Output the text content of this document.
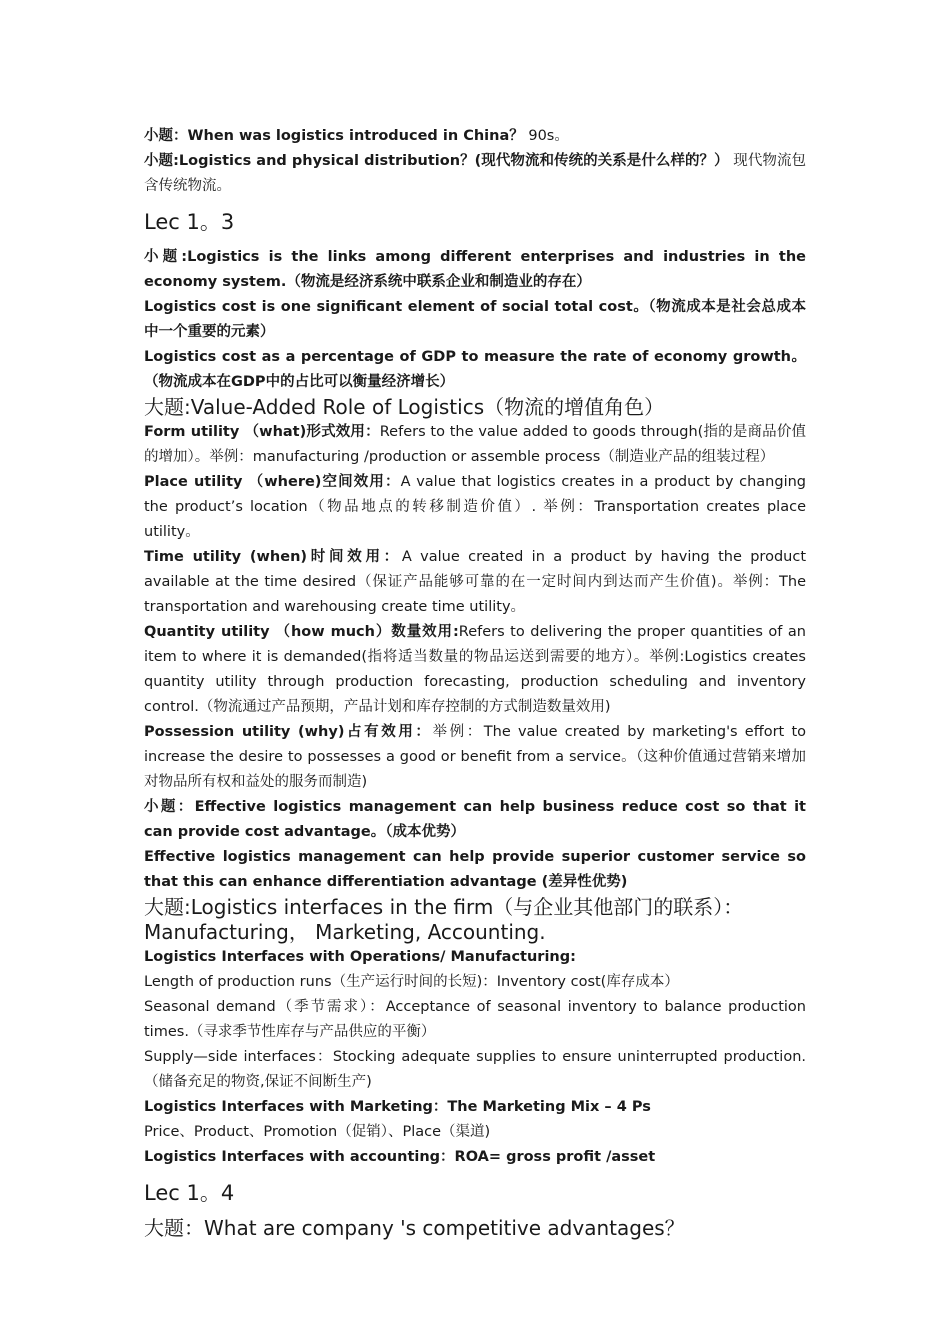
小题：When was logistics introduced in China？ 90s。

小题:Logistics and physical distribution？(现代物流和传统的关系是什么样的？） 现代物流包含传统物流。

Lec 1。3

小题:Logistics is the links among different enterprises and industries in the economy system.（物流是经济系统中联系企业和制造业的存在）

Logistics cost is one significant element of social total cost。（物流成本是社会总成本中一个重要的元素）

Logistics cost as a percentage of GDP to measure the rate of economy growth。（物流成本在GDP中的占比可以衡量经济增长）

大题:Value-Added Role of Logistics（物流的增值角色）

Form utility （what)形式效用：Refers to the value added to goods through(指的是商品价值的增加）。举例：manufacturing /production or assemble process（制造业产品的组装过程）

Place utility （where)空间效用：A value that logistics creates in a product by changing the product’s location（物品地点的转移制造价值）. 举例：Transportation creates place utility。

Time utility (when)时间效用：A value created in a product by having the product available at the time desired（保证产品能够可靠的在一定时间内到达而产生价值)。举例：The transportation and warehousing create time utility。

Quantity utility （how much）数量效用:Refers to delivering the proper quantities of an item to where it is demanded(指将适当数量的物品运送到需要的地方）。举例:Logistics creates quantity utility through production forecasting, production scheduling and inventory control.（物流通过产品预期，产品计划和库存控制的方式制造数量效用)

Possession utility (why)占有效用：举例：The value created by marketing's effort to increase the desire to possesses a good or benefit from a service。（这种价值通过营销来增加对物品所有权和益处的服务而制造)

小题：Effective logistics management can help business reduce cost so that it can provide cost advantage。（成本优势）

Effective logistics management can help provide superior customer service so that this can enhance differentiation advantage (差异性优势)

大题:Logistics interfaces in the firm（与企业其他部门的联系）：Manufacturing， Marketing, Accounting.

Logistics Interfaces with Operations/ Manufacturing:

Length of production runs（生产运行时间的长短)：Inventory cost(库存成本）

Seasonal demand（季节需求）：Acceptance of seasonal inventory to balance production times.（寻求季节性库存与产品供应的平衡）

Supply—side interfaces：Stocking adequate supplies to ensure uninterrupted production.（储备充足的物资,保证不间断生产)

Logistics Interfaces with Marketing：The Marketing Mix – 4 Ps

Price、Product、Promotion（促销）、Place（渠道)

Logistics Interfaces with accounting：ROA= gross profit /asset

Lec 1。4

大题：What are company 's competitive advantages？
